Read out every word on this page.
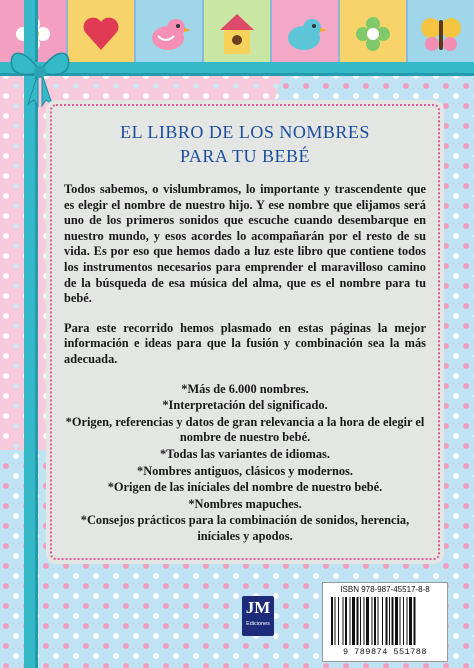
EL LIBRO DE LOS NOMBRES
PARA TU BEBÉ

Todos sabemos, o vislumbramos, lo importante y trascendente que es elegir el nombre de nuestro hijo. Y ese nombre que elijamos será uno de los primeros sonidos que escuche cuando desembarque en nuestro mundo, y esos acordes lo acompañarán por el resto de su vida. Es por eso que hemos dado a luz este libro que contiene todos los instrumentos necesarios para emprender el maravilloso camino de la búsqueda de esa música del alma, que es el nombre para tu bebé.

Para este recorrido hemos plasmado en estas páginas la mejor información e ideas para que la fusión y combinación sea la más adecuada.

*Más de 6.000 nombres.
*Interpretación del significado.
*Origen, referencias y datos de gran relevancia a la hora de elegir el nombre de nuestro bebé.
*Todas las variantes de idiomas.
*Nombres antiguos, clásicos y modernos.
*Origen de las iníciales del nombre de nuestro bebé.
*Nombres mapuches.
*Consejos prácticos para la combinación de sonidos, herencia, iníciales y apodos.
JM
Ediciones
ISBN 978-987-45517-8-8
9 789874 551788
